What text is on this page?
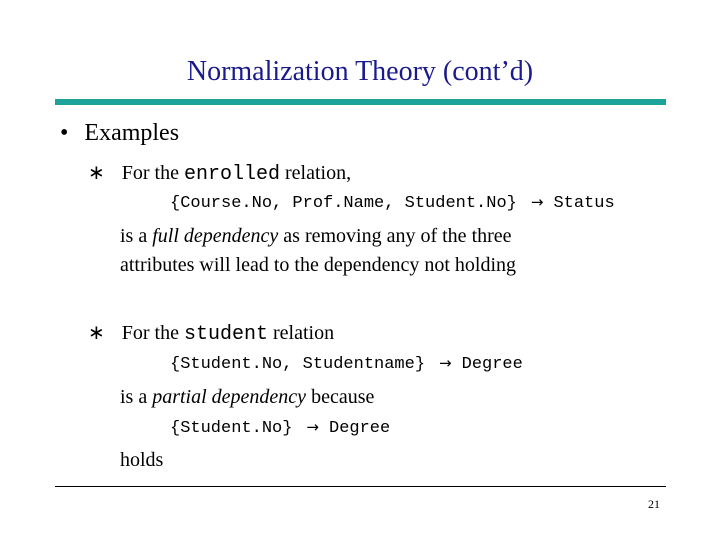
Normalization Theory (cont’d)
• Examples
∗ For the enrolled relation,
{Course.No, Prof.Name, Student.No} → Status
is a full dependency as removing any of the three
attributes will lead to the dependency not holding
∗ For the student relation
{Student.No, Studentname} → Degree
is a partial dependency because
{Student.No} → Degree
holds
21
